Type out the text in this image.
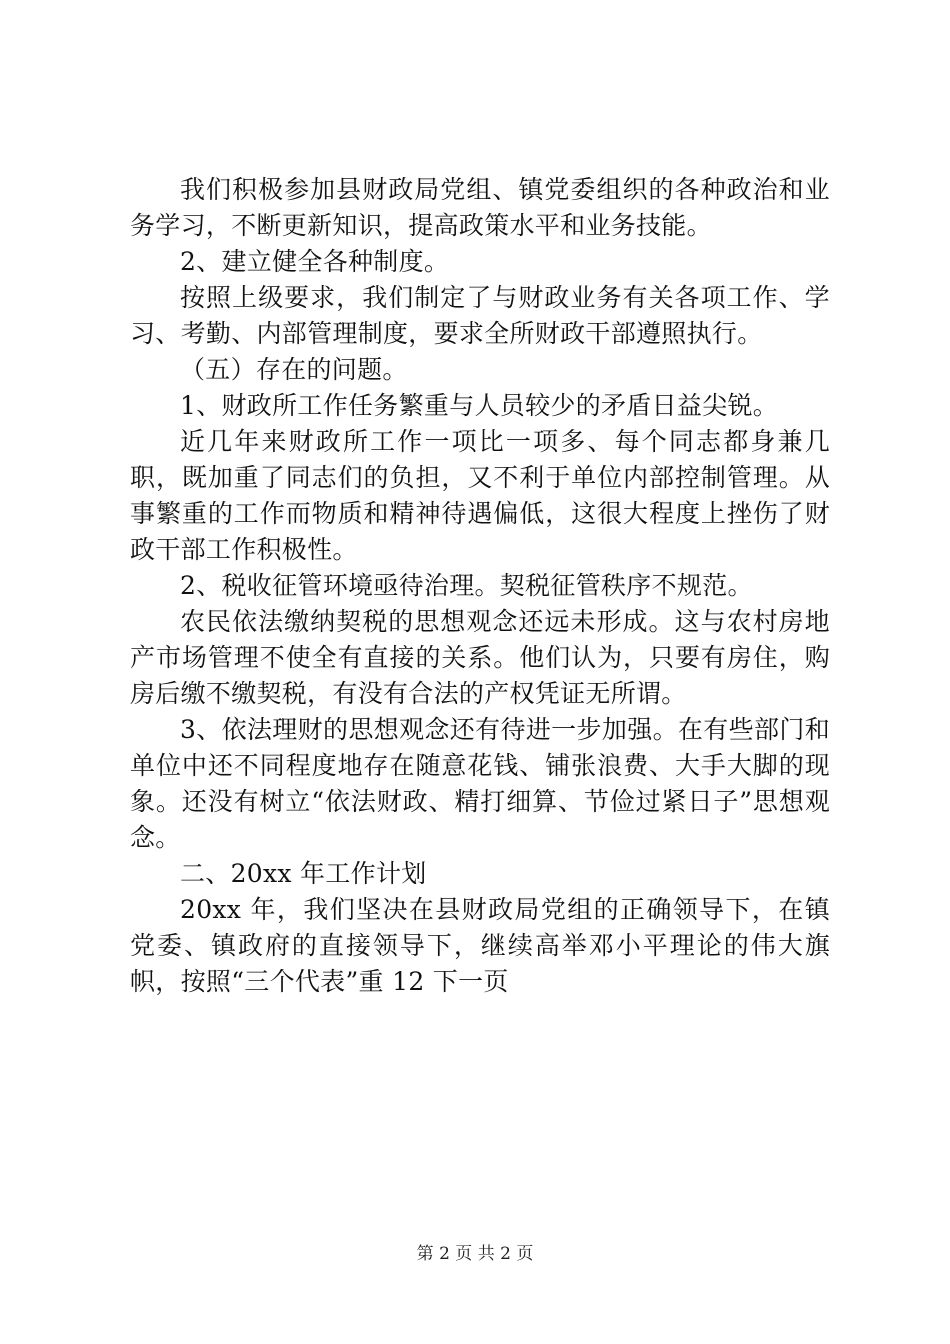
我们积极参加县财政局党组、镇党委组织的各种政治和业务学习，不断更新知识，提高政策水平和业务技能。

2、建立健全各种制度。

按照上级要求，我们制定了与财政业务有关各项工作、学习、考勤、内部管理制度，要求全所财政干部遵照执行。

（五）存在的问题。

1、财政所工作任务繁重与人员较少的矛盾日益尖锐。

近几年来财政所工作一项比一项多、每个同志都身兼几职，既加重了同志们的负担，又不利于单位内部控制管理。从事繁重的工作而物质和精神待遇偏低，这很大程度上挫伤了财政干部工作积极性。

2、税收征管环境亟待治理。契税征管秩序不规范。

农民依法缴纳契税的思想观念还远未形成。这与农村房地产市场管理不使全有直接的关系。他们认为，只要有房住，购房后缴不缴契税，有没有合法的产权凭证无所谓。

3、依法理财的思想观念还有待进一步加强。在有些部门和单位中还不同程度地存在随意花钱、铺张浪费、大手大脚的现象。还没有树立“依法财政、精打细算、节俭过紧日子”思想观念。

二、20xx 年工作计划

20xx 年，我们坚决在县财政局党组的正确领导下，在镇党委、镇政府的直接领导下，继续高举邓小平理论的伟大旗帜，按照“三个代表”重 12 下一页

第 2 页 共 2 页
